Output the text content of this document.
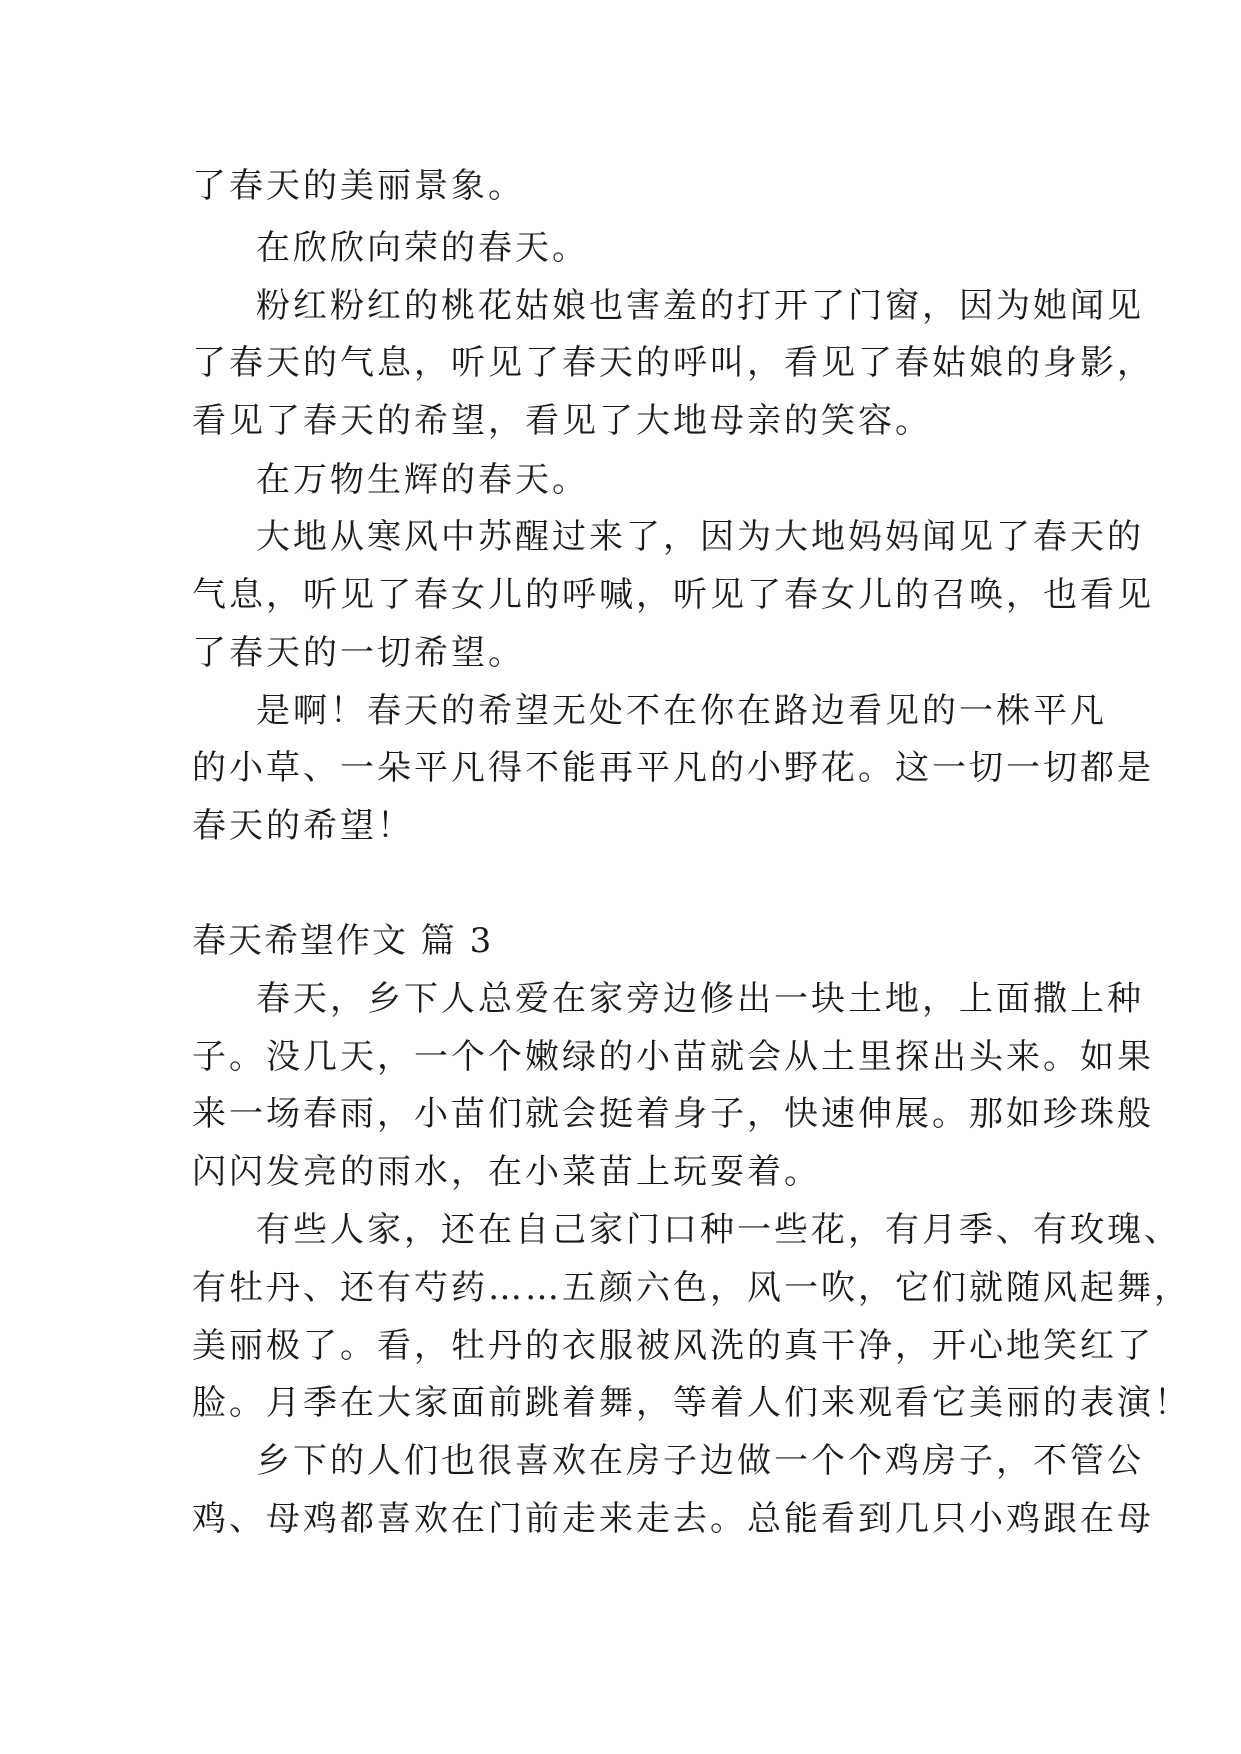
了春天的美丽景象。
在欣欣向荣的春天。
粉红粉红的桃花姑娘也害羞的打开了门窗，因为她闻见
了春天的气息，听见了春天的呼叫，看见了春姑娘的身影，
看见了春天的希望，看见了大地母亲的笑容。
在万物生辉的春天。
大地从寒风中苏醒过来了，因为大地妈妈闻见了春天的
气息，听见了春女儿的呼喊，听见了春女儿的召唤，也看见
了春天的一切希望。
是啊！春天的希望无处不在你在路边看见的一株平凡
的小草、一朵平凡得不能再平凡的小野花。这一切一切都是
春天的希望！
春天希望作文 篇 3
春天，乡下人总爱在家旁边修出一块土地，上面撒上种
子。没几天，一个个嫩绿的小苗就会从土里探出头来。如果
来一场春雨，小苗们就会挺着身子，快速伸展。那如珍珠般
闪闪发亮的雨水，在小菜苗上玩耍着。
有些人家，还在自己家门口种一些花，有月季、有玫瑰、
有牡丹、还有芍药……五颜六色，风一吹，它们就随风起舞，
美丽极了。看，牡丹的衣服被风洗的真干净，开心地笑红了
脸。月季在大家面前跳着舞，等着人们来观看它美丽的表演！
乡下的人们也很喜欢在房子边做一个个鸡房子，不管公
鸡、母鸡都喜欢在门前走来走去。总能看到几只小鸡跟在母
